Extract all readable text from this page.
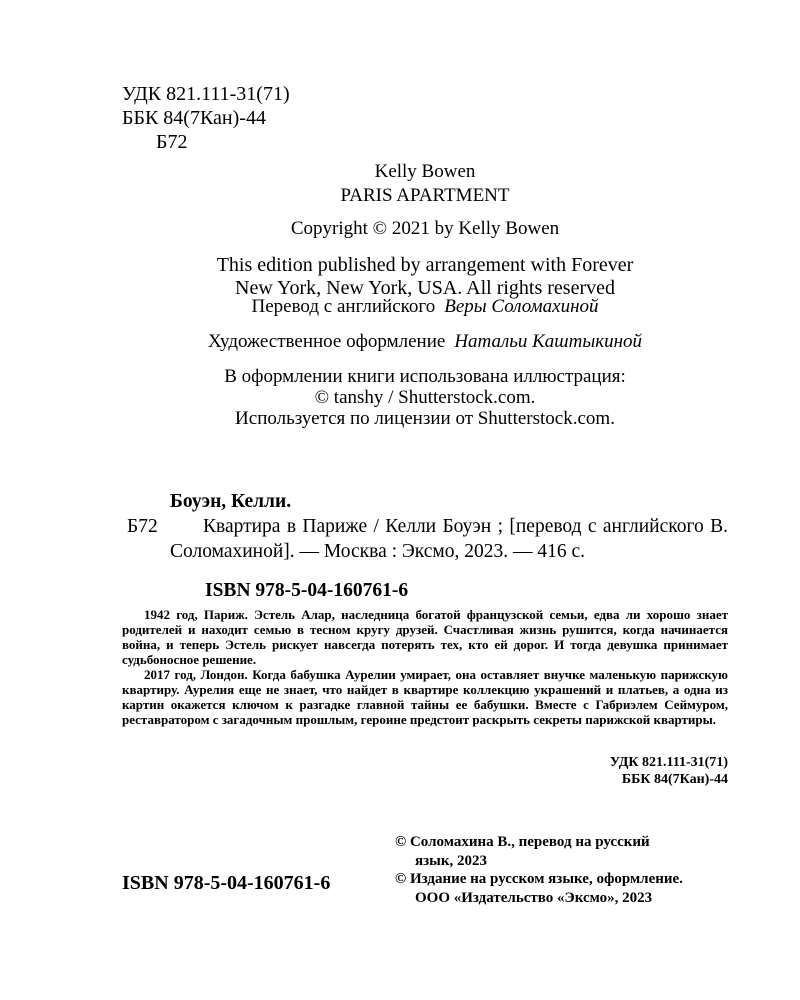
УДК 821.111-31(71)
ББК 84(7Кан)-44
Б72
Kelly Bowen
PARIS APARTMENT
Copyright © 2021 by Kelly Bowen
This edition published by arrangement with Forever
New York, New York, USA. All rights reserved
Перевод с английского Веры Соломахиной
Художественное оформление Натальи Каштыкиной
В оформлении книги использована иллюстрация:
© tanshy / Shutterstock.com.
Используется по лицензии от Shutterstock.com.
Боуэн, Келли.
Б72	Квартира в Париже / Келли Боуэн ; [перевод с английского В. Соломахиной]. — Москва : Эксмо, 2023. — 416 с.

ISBN 978-5-04-160761-6

1942 год, Париж. Эстель Алар, наследница богатой французской семьи, едва ли хорошо знает родителей и находит семью в тесном кругу друзей. Счастливая жизнь рушится, когда начинается война, и теперь Эстель рискует навсегда потерять тех, кто ей дорог. И тогда девушка принимает судьбоносное решение.

2017 год, Лондон. Когда бабушка Аурелии умирает, она оставляет внучке маленькую парижскую квартиру. Аурелия еще не знает, что найдет в квартире коллекцию украшений и платьев, а одна из картин окажется ключом к разгадке главной тайны ее бабушки. Вместе с Габриэлем Сеймуром, реставратором с загадочным прошлым, героине предстоит раскрыть секреты парижской квартиры.

УДК 821.111-31(71)
ББК 84(7Кан)-44
ISBN 978-5-04-160761-6

© Соломахина В., перевод на русский язык, 2023

© Издание на русском языке, оформление. ООО «Издательство «Эксмо», 2023
